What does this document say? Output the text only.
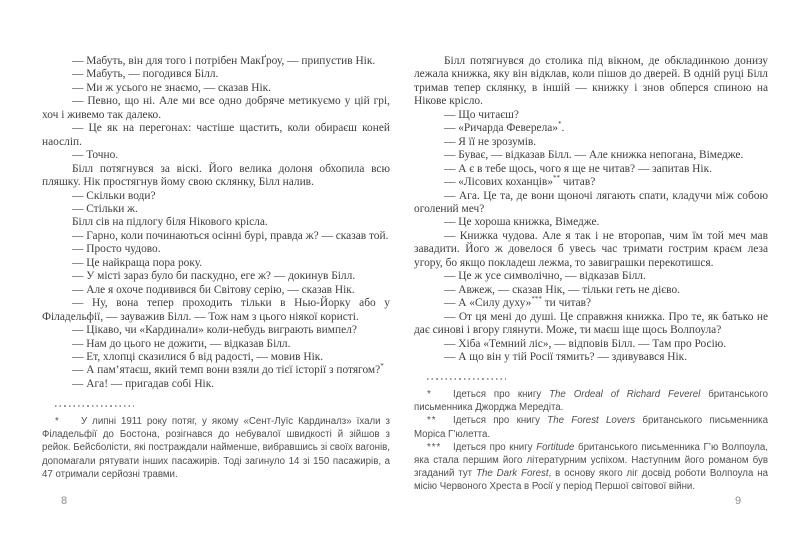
— Мабуть, він для того і потрібен МакҐроу, — припустив Нік.

— Мабуть, — погодився Білл.

— Ми ж усього не знаємо, — сказав Нік.

— Певно, що ні. Але ми все одно добряче метикуємо у цій грі, хоч і живемо так далеко.

— Це як на перегонах: частіше щастить, коли обираєш коней наосліп.

— Точно.

Білл потягнувся за віскі. Його велика долоня обхопила всю пляшку. Нік простягнув йому свою склянку, Білл налив.

— Скільки води?

— Стільки ж.

Білл сів на підлогу біля Нікового крісла.

— Гарно, коли починаються осінні бурі, правда ж? — сказав той.

— Просто чудово.

— Це найкраща пора року.

— У місті зараз було би паскудно, еге ж? — докинув Білл.

— Але я охоче подивився би Світову серію, — сказав Нік.

— Ну, вона тепер проходить тільки в Нью-Йорку або у Філадельфії, — зауважив Білл. — Тож нам з цього ніякої користі.

— Цікаво, чи «Кардинали» коли-небудь виграють вимпел?

— Нам до цього не дожити, — відказав Білл.

— Ет, хлопці сказилися б від радості, — мовив Нік.

— А пам’ятаєш, який темп вони взяли до тієї історії з потягом?*

— Ага! — пригадав собі Нік.

* У липні 1911 року потяг, у якому «Сент-Луїс Кардиналз» їхали з Філадельфії до Бостона, розігнався до небувалої швидкості й зійшов з рейок. Бейсболісти, які постраждали найменше, вибравшись зі своїх вагонів, допомагали рятувати інших пасажирів. Тоді загинуло 14 зі 150 пасажирів, а 47 отримали серйозні травми.

8

Білл потягнувся до столика під вікном, де обкладинкою донизу лежала книжка, яку він відклав, коли пішов до дверей. В одній руці Білл тримав тепер склянку, в іншій — книжку і знов обперся спиною на Нікове крісло.

— Що читаєш?

— «Ричарда Феверела»*.

— Я її не зрозумів.

— Буває, — відказав Білл. — Але книжка непогана, Вімедже.

— А є в тебе щось, чого я ще не читав? — запитав Нік.

— «Лісових коханців»** читав?

— Ага. Це та, де вони щоночі лягають спати, кладучи між собою оголений меч?

— Це хороша книжка, Вімедже.

— Книжка чудова. Але я так і не второпав, чим їм той меч мав завадити. Його ж довелося б увесь час тримати гострим краєм леза угору, бо якщо покладеш лежма, то завиграшки перекотишся.

— Це ж усе символічно, — відказав Білл.

— Авжеж, — сказав Нік, — тільки геть не дієво.

— А «Силу духу»*** ти читав?

— От ця мені до душі. Це справжня книжка. Про те, як батько не дає синові і вгору глянути. Може, ти маєш іще щось Волпоула?

— Хіба «Темний ліс», — відповів Білл. — Там про Росію.

— А що він у тій Росії тямить? — здивувався Нік.

* Ідеться про книгу The Ordeal of Richard Feverel британського письменника Джорджа Мередіта.

** Ідеться про книгу The Forest Lovers британського письменника Моріса Г’юлетта.

*** Ідеться про книгу Fortitude британського письменника Г’ю Волпоула, яка стала першим його літературним успіхом. Наступним його романом був згаданий тут The Dark Forest, в основу якого ліг досвід роботи Волпоула на місію Червоного Хреста в Росії у період Першої світової війни.

9
